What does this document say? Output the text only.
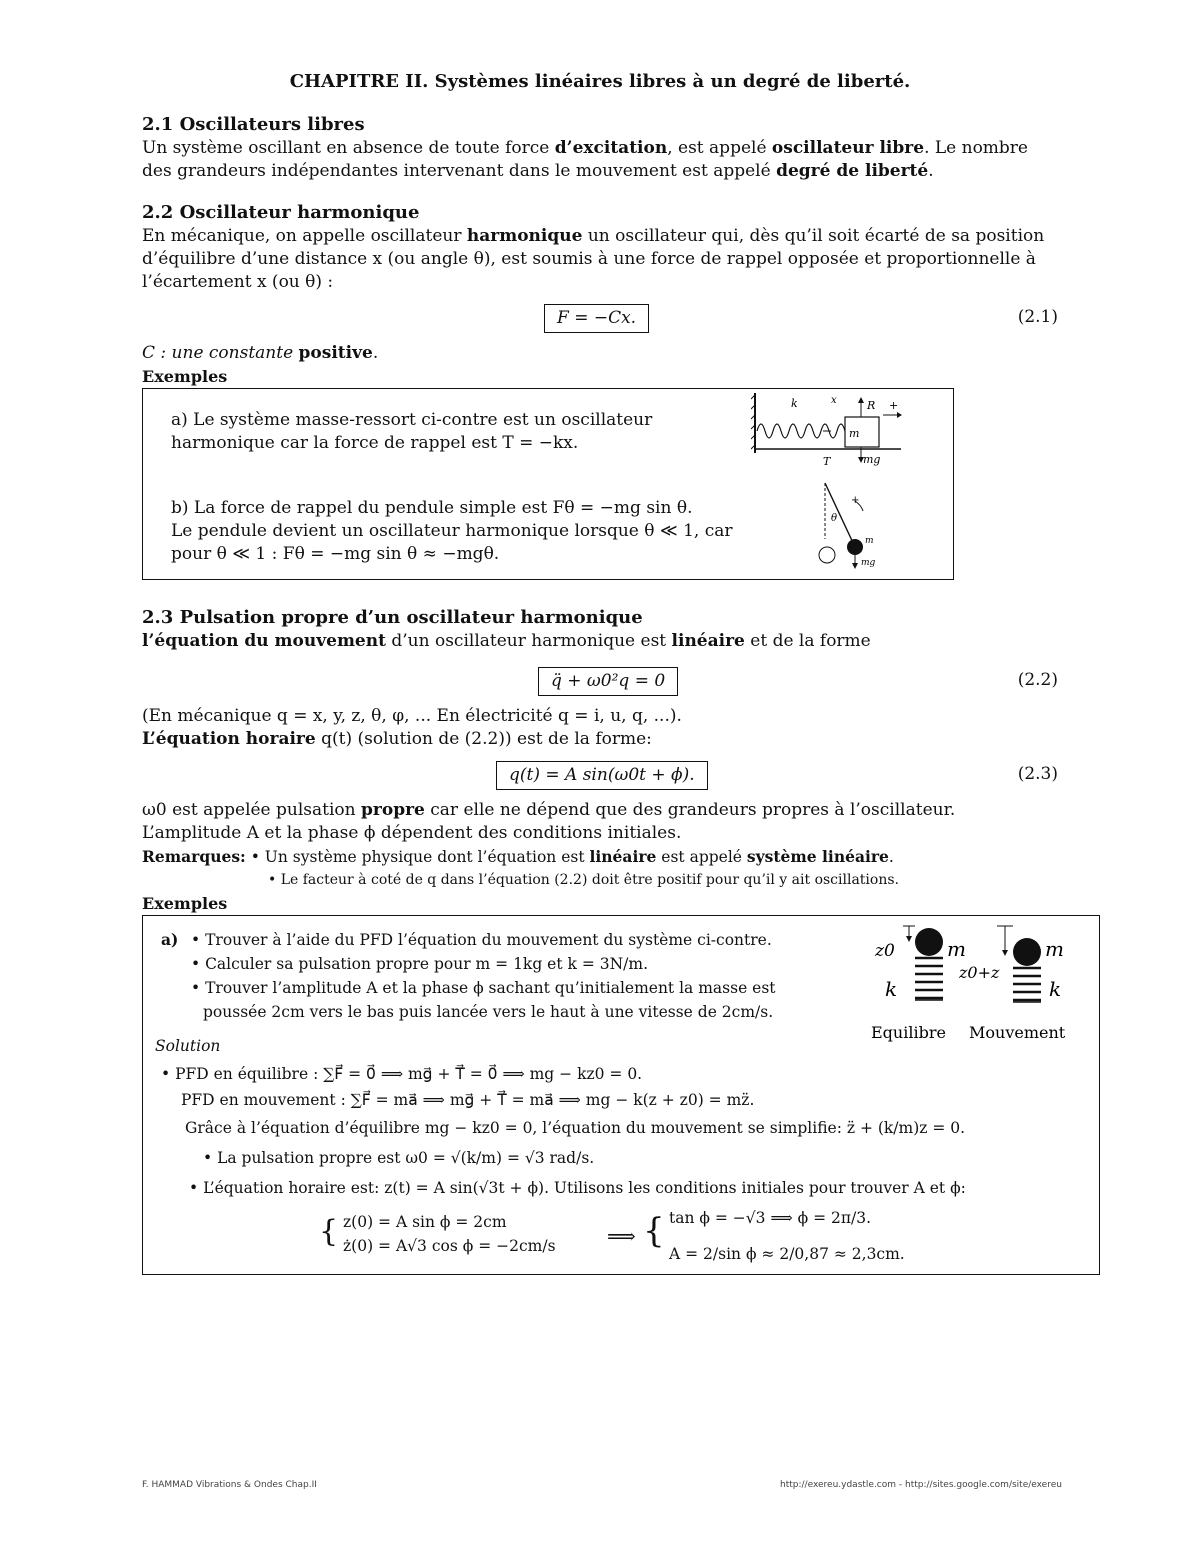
CHAPITRE II. Systèmes linéaires libres à un degré de liberté.
2.1 Oscillateurs libres

Un système oscillant en absence de toute force d’excitation, est appelé oscillateur libre. Le nombre des grandeurs indépendantes intervenant dans le mouvement est appelé degré de liberté.

2.2 Oscillateur harmonique

En mécanique, on appelle oscillateur harmonique un oscillateur qui, dès qu’il soit écarté de sa position d’équilibre d’une distance x (ou angle θ), est soumis à une force de rappel opposée et proportionnelle à l’écartement x (ou θ) :

F = −Cx.	(2.1)

C : une constante positive.

Exemples

a) Le système masse-ressort ci-contre est un oscillateur
harmonique car la force de rappel est T = −kx.
b) La force de rappel du pendule simple est Fθ = −mg sin θ.
Le pendule devient un oscillateur harmonique lorsque θ ≪ 1, car
pour θ ≪ 1 : Fθ = −mg sin θ ≈ −mgθ.
k	x	R +
m
T	mg
θ
+
m
mg
2.3 Pulsation propre d’un oscillateur harmonique

l’équation du mouvement d’un oscillateur harmonique est linéaire et de la forme

q̈ + ω0²q = 0	(2.2)

(En mécanique q = x, y, z, θ, φ, ... En électricité q = i, u, q, ...).

L’équation horaire q(t) (solution de (2.2)) est de la forme:

q(t) = A sin(ω0t + ϕ).	(2.3)

ω0 est appelée pulsation propre car elle ne dépend que des grandeurs propres à l’oscillateur.

L’amplitude A et la phase ϕ dépendent des conditions initiales.

Remarques: • Un système physique dont l’équation est linéaire est appelé système linéaire.

• Le facteur à coté de q dans l’équation (2.2) doit être positif pour qu’il y ait oscillations.

Exemples

a) • Trouver à l’aide du PFD l’équation du mouvement du système ci-contre.
• Calculer sa pulsation propre pour m = 1kg et k = 3N/m.
• Trouver l’amplitude A et la phase ϕ sachant qu’initialement la masse est
poussée 2cm vers le bas puis lancée vers le haut à une vitesse de 2cm/s.
z0	m
k
z0+z
m
k
Equilibre Mouvement
Solution
• PFD en équilibre : ∑F⃗ = 0⃗ ⟹ mg⃗ + T⃗ = 0⃗ ⟹ mg − kz0 = 0.
PFD en mouvement : ∑F⃗ = ma⃗ ⟹ mg⃗ + T⃗ = ma⃗ ⟹ mg − k(z + z0) = mz̈.
Grâce à l’équation d’équilibre mg − kz0 = 0, l’équation du mouvement se simplifie: z̈ + (k/m)z = 0.
• La pulsation propre est ω0 = √(k/m) = √3 rad/s.
• L’équation horaire est: z(t) = A sin(√3t + ϕ). Utilisons les conditions initiales pour trouver A et ϕ:
{ z(0) = A sin ϕ = 2cm
ż(0) = A√3 cos ϕ = −2cm/s	⟹ { tan ϕ = −√3 ⟹ ϕ = 2π/3.
A = 2/sin ϕ ≈ 2/0,87 ≈ 2,3cm.
F. HAMMAD Vibrations & Ondes Chap.II	http://exereu.ydastle.com - http://sites.google.com/site/exereu
